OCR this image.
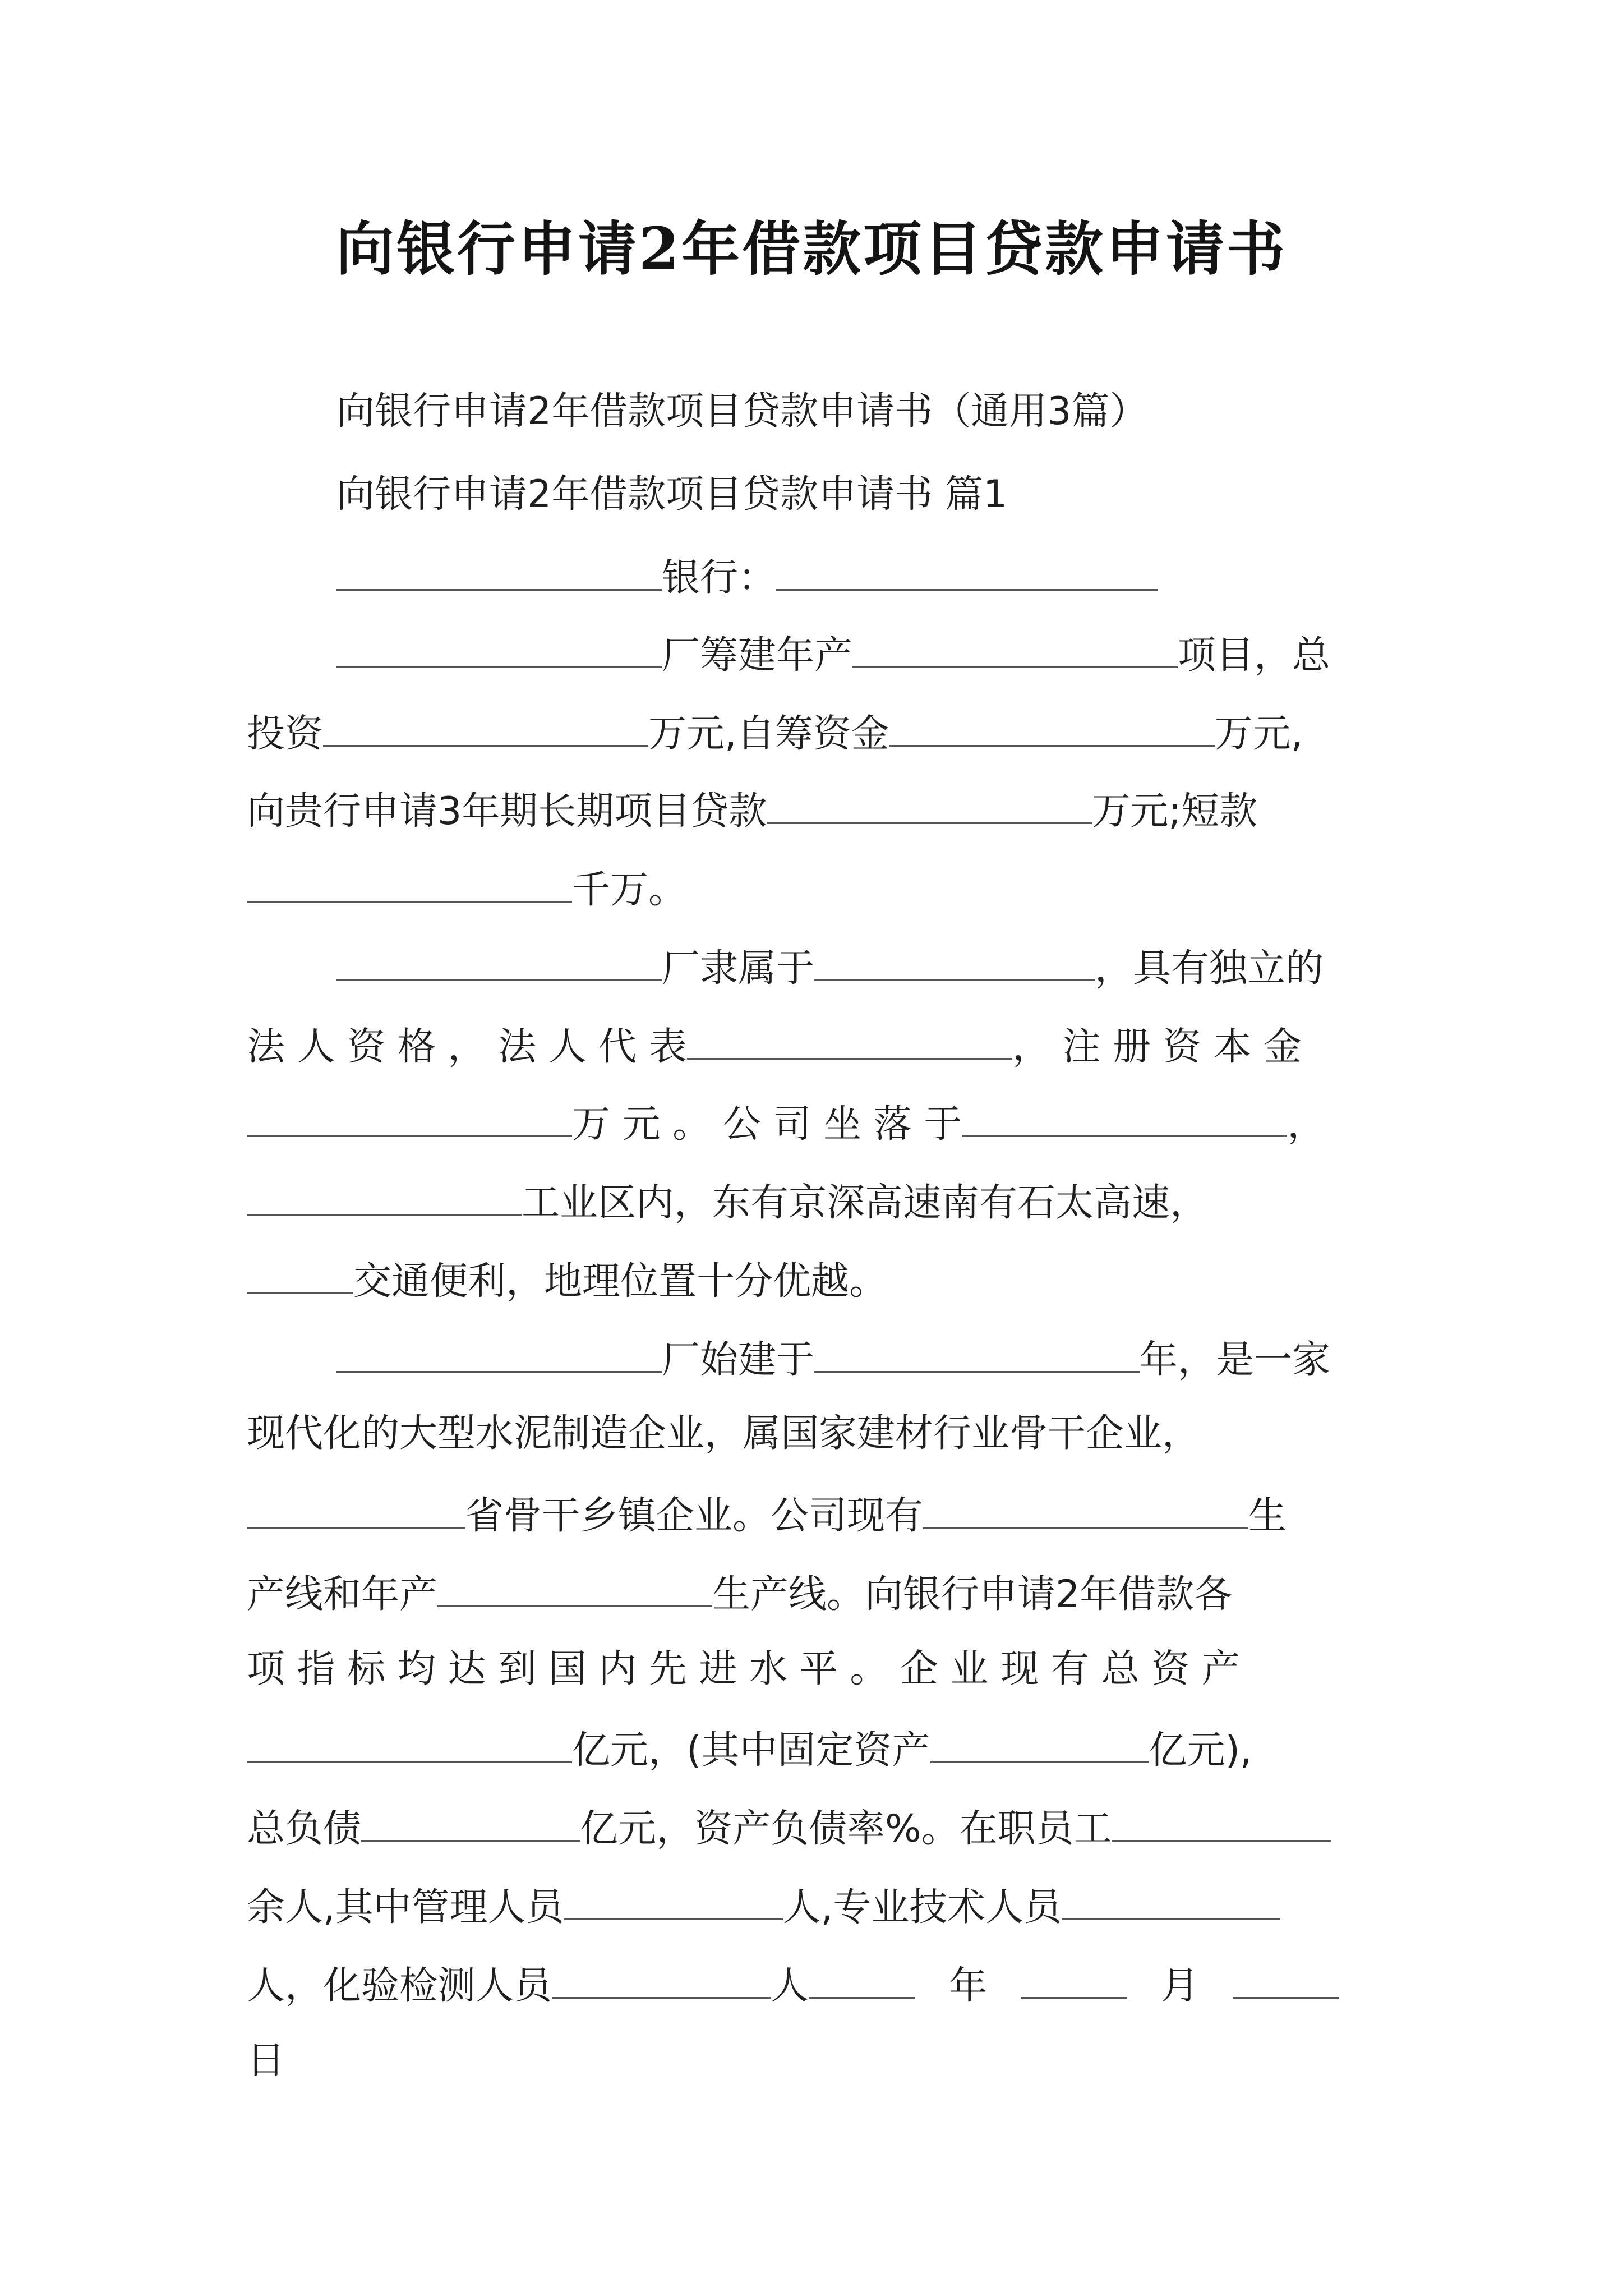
向银行申请2年借款项目贷款申请书
向银行申请2年借款项目贷款申请书（通用3篇）
向银行申请2年借款项目贷款申请书 篇1
银行：
厂筹建年产	项目，总
投资	万元,自筹资金	万元,
向贵行申请3年期长期项目贷款	万元;短款
千万。
厂隶属于	，具有独立的
法 人 资 格 ， 法 人 代 表	， 注 册 资 本 金
万 元 。 公 司 坐 落 于	，
工业区内，东有京深高速南有石太高速，
交通便利，地理位置十分优越。
厂始建于	年，是一家
现代化的大型水泥制造企业，属国家建材行业骨干企业，
省骨干乡镇企业。公司现有	生
产线和年产	生产线。向银行申请2年借款各
项 指 标 均 达 到 国 内 先 进 水 平 。 企 业 现 有 总 资 产
亿元，(其中固定资产	亿元),
总负债	亿元，资产负债率%。在职员工
余人,其中管理人员	人,专业技术人员
人，化验检测人员	人	年	月
日
